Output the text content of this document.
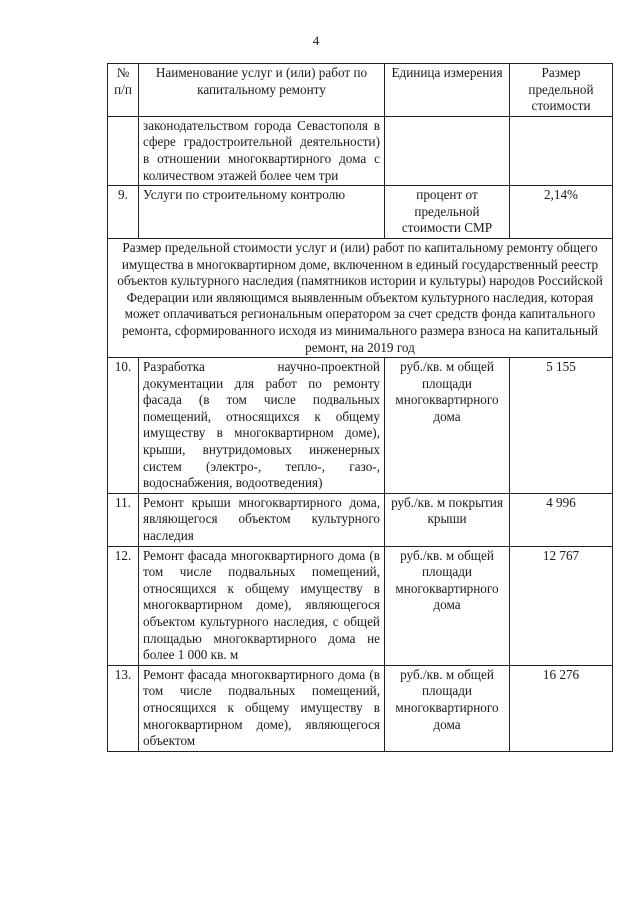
4
№ п/п	Наименование услуг и (или) работ по капитальному ремонту	Единица измерения	Размер предельной стоимости
	законодательством города Севастополя в сфере градостроительной деятельности) в отношении многоквартирного дома с количеством этажей более чем три		
9.	Услуги по строительному контролю	процент от предельной стоимости СМР	2,14%
Размер предельной стоимости услуг и (или) работ по капитальному ремонту общего имущества в многоквартирном доме, включенном в единый государственный реестр объектов культурного наследия (памятников истории и культуры) народов Российской Федерации или являющимся выявленным объектом культурного наследия, которая может оплачиваться региональным оператором за счет средств фонда капитального ремонта, сформированного исходя из минимального размера взноса на капитальный ремонт, на 2019 год			
10.	Разработка научно-проектной документации для работ по ремонту фасада (в том числе подвальных помещений, относящихся к общему имуществу в многоквартирном доме), крыши, внутридомовых инженерных систем (электро-, тепло-, газо-, водоснабжения, водоотведения)	руб./кв. м общей площади многоквартирного дома	5 155
11.	Ремонт крыши многоквартирного дома, являющегося объектом культурного наследия	руб./кв. м покрытия крыши	4 996
12.	Ремонт фасада многоквартирного дома (в том числе подвальных помещений, относящихся к общему имуществу в многоквартирном доме), являющегося объектом культурного наследия, с общей площадью многоквартирного дома не более 1 000 кв. м	руб./кв. м общей площади многоквартирного дома	12 767
13.	Ремонт фасада многоквартирного дома (в том числе подвальных помещений, относящихся к общему имуществу в многоквартирном доме), являющегося объектом	руб./кв. м общей площади многоквартирного дома	16 276
